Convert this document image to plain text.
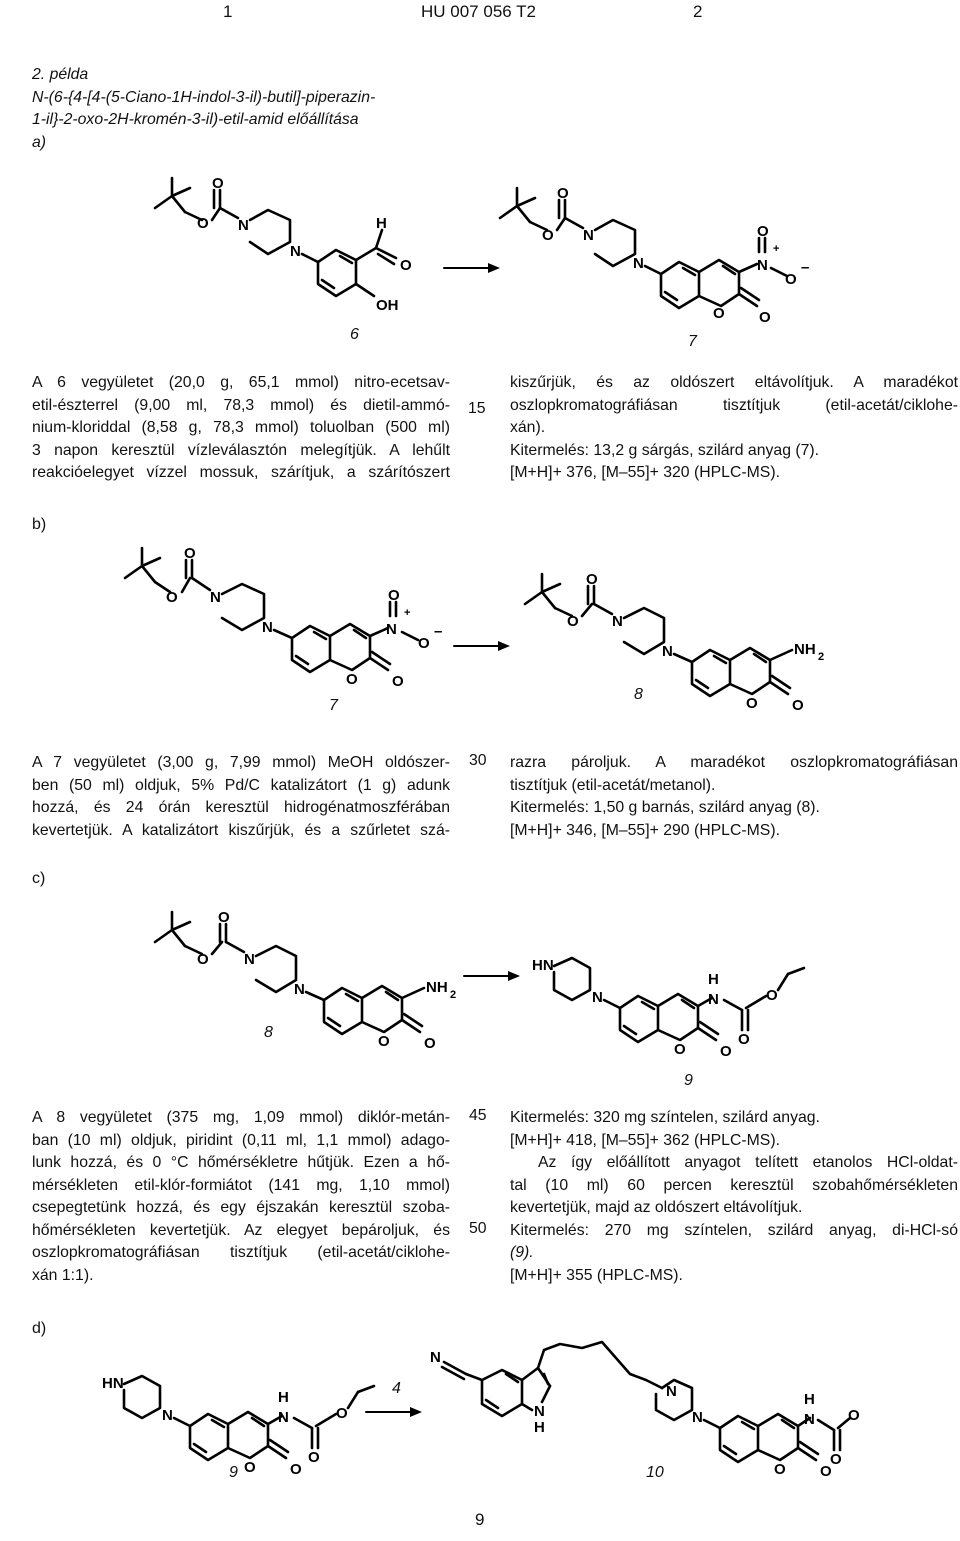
1	HU 007 056 T2	2
2. példa
N-(6-{4-[4-(5-Ciano-1H-indol-3-il)-butil]-piperazin-
1-il}-2-oxo-2H-kromén-3-il)-etil-amid előállítása
a)
O
O
N
N
H
O
OH
6
O
O
N
N
O O
N
+
O
O
–
7
A 6 vegyületet (20,0 g, 65,1 mmol) nitro-ecetsav-
etil-észterrel (9,00 ml, 78,3 mmol) és dietil-ammó-
nium-kloriddal (8,58 g, 78,3 mmol) toluolban (500 ml)
3 napon keresztül vízleválasztón melegítjük. A lehűlt
reakcióelegyet vízzel mossuk, szárítjuk, a szárítószert
15
kiszűrjük, és az oldószert eltávolítjuk. A maradékot
oszlopkromatográfiásan tisztítjuk (etil-acetát/ciklohe-
xán).
Kitermelés: 13,2 g sárgás, szilárd anyag (7).
[M+H]+ 376, [M–55]+ 320 (HPLC-MS).
b)
O
O
N
N
O O
N
+
O
O
–
7
O
O
N
N
O O
NH 2
8
A 7 vegyületet (3,00 g, 7,99 mmol) MeOH oldószer-
ben (50 ml) oldjuk, 5% Pd/C katalizátort (1 g) adunk
hozzá, és 24 órán keresztül hidrogénatmoszférában
kevertetjük. A katalizátort kiszűrjük, és a szűrletet szá-
30 razra pároljuk. A maradékot oszlopkromatográfiásan
tisztítjuk (etil-acetát/metanol).
Kitermelés: 1,50 g barnás, szilárd anyag (8).
[M+H]+ 346, [M–55]+ 290 (HPLC-MS).
c)
O
O
N
N
O O
NH 2
8
HN
N
O O
H
N
O
O
9
A 8 vegyületet (375 mg, 1,09 mmol) diklór-metán-
ban (10 ml) oldjuk, piridint (0,11 ml, 1,1 mmol) adago-
lunk hozzá, és 0 °C hőmérsékletre hűtjük. Ezen a hő-
mérsékleten etil-klór-formiátot (141 mg, 1,10 mmol)
csepegtetünk hozzá, és egy éjszakán keresztül szoba-
hőmérsékleten kevertetjük. Az elegyet bepároljuk, és
oszlopkromatográfiásan tisztítjuk (etil-acetát/ciklohe-
xán 1:1).
45
50
Kitermelés: 320 mg színtelen, szilárd anyag.
[M+H]+ 418, [M–55]+ 362 (HPLC-MS).
Az így előállított anyagot telített etanolos HCl-oldat-
tal (10 ml) 60 percen keresztül szobahőmérsékleten
kevertetjük, majd az oldószert eltávolítjuk.
Kitermelés: 270 mg színtelen, szilárd anyag, di-HCl-só
(9).
[M+H]+ 355 (HPLC-MS).
d)
HN
N
O O
H
N
O
O
9
4
N
N
H
N
N
O O
H
N
O
O
10
9
